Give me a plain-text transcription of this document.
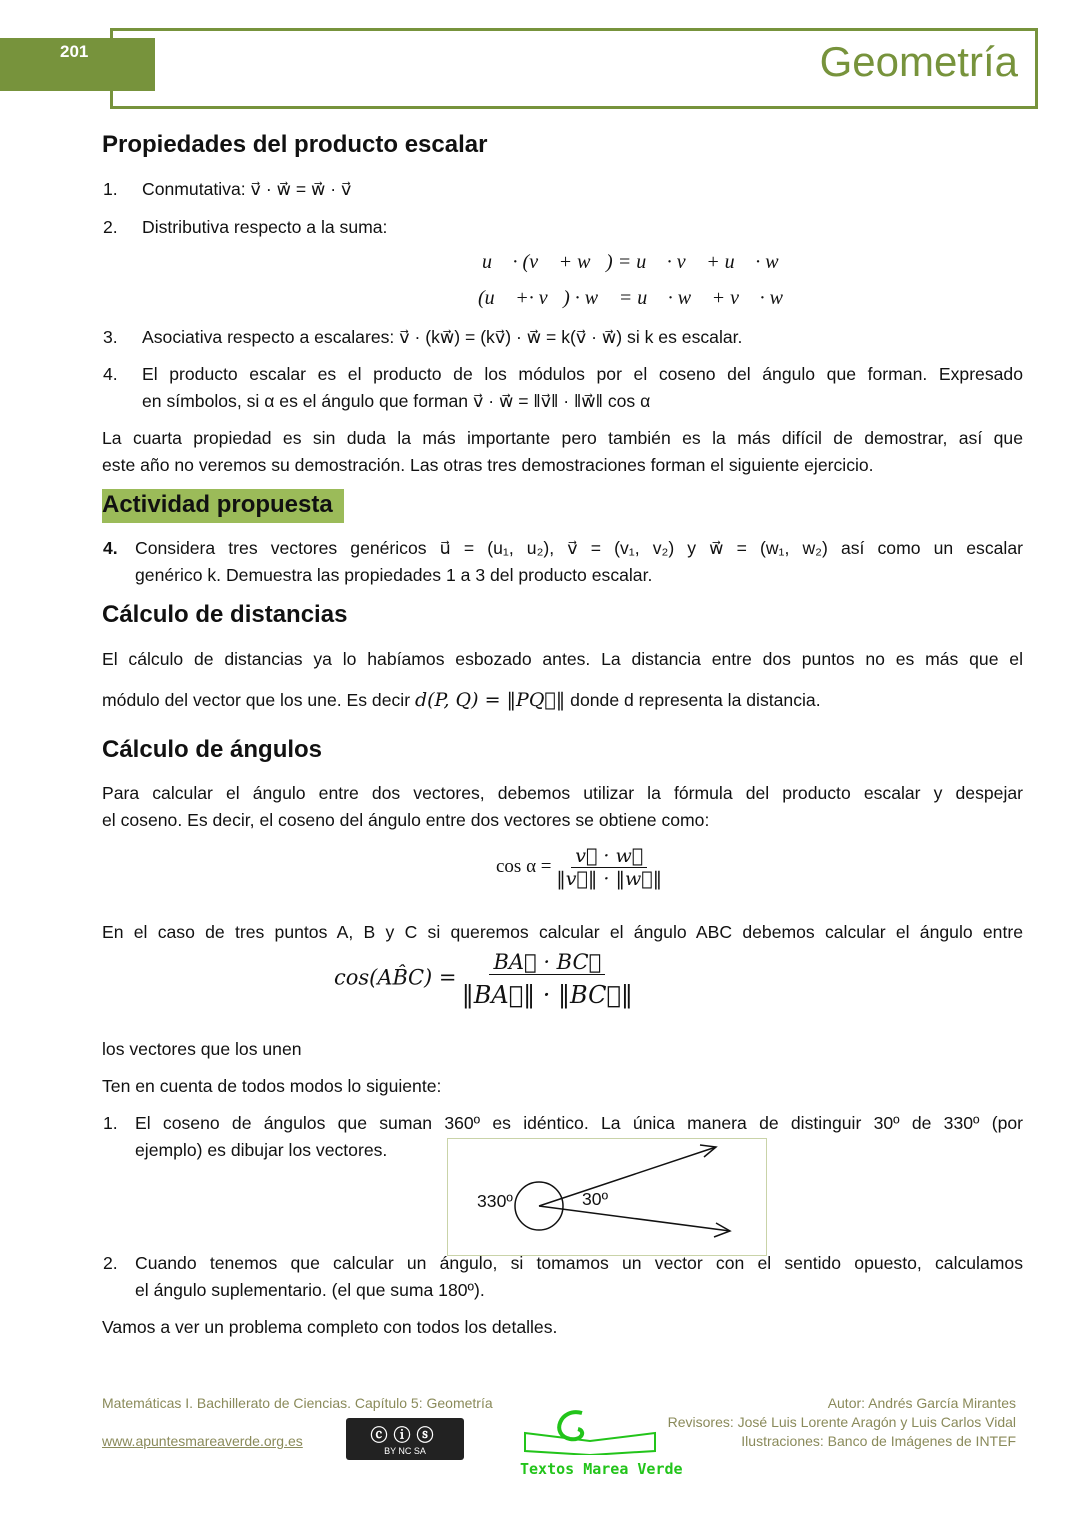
201	Geometría
Propiedades del producto escalar
1. Conmutativa: v⃗ · w⃗ = w⃗ · v⃗
2. Distributiva respecto a la suma:
u⃗ · (v⃗ + w⃗) = u⃗ · v⃗ + u⃗ · w⃗
(u⃗ +· v⃗) · w⃗ = u⃗ · w⃗ + v⃗ · w⃗
3. Asociativa respecto a escalares: v⃗ · (kw⃗) = (kv⃗) · w⃗ = k(v⃗ · w⃗) si k es escalar.
4. El producto escalar es el producto de los módulos por el coseno del ángulo que forman. Expresado
en símbolos, si α es el ángulo que forman v⃗ · w⃗ = ‖v⃗‖ · ‖w⃗‖ cos α
La cuarta propiedad es sin duda la más importante pero también es la más difícil de demostrar, así que
este año no veremos su demostración. Las otras tres demostraciones forman el siguiente ejercicio.
Actividad propuesta
4. Considera tres vectores genéricos u⃗ = (u₁, u₂), v⃗ = (v₁, v₂) y w⃗ = (w₁, w₂) así como un escalar
genérico k. Demuestra las propiedades 1 a 3 del producto escalar.
Cálculo de distancias
El cálculo de distancias ya lo habíamos esbozado antes. La distancia entre dos puntos no es más que el
módulo del vector que los une. Es decir d(P, Q) = ‖PQ⃗‖ donde d representa la distancia.
Cálculo de ángulos
Para calcular el ángulo entre dos vectores, debemos utilizar la fórmula del producto escalar y despejar
el coseno. Es decir, el coseno del ángulo entre dos vectores se obtiene como:
$\cos \alpha = \frac{v⃗ \cdot w⃗}{‖v⃗‖ \cdot ‖w⃗‖}$
En el caso de tres puntos A, B y C si queremos calcular el ángulo ABC debemos calcular el ángulo entre
cos(AB̂C) = $\frac{BA⃗ \cdot BC⃗}{‖BA⃗‖ \cdot ‖BC⃗‖}$
los vectores que los unen
Ten en cuenta de todos modos lo siguiente:
1. El coseno de ángulos que suman 360º es idéntico. La única manera de distinguir 30º de 330º (por
ejemplo) es dibujar los vectores.
330º	30º
2. Cuando tenemos que calcular un ángulo, si tomamos un vector con el sentido opuesto, calculamos
el ángulo suplementario. (el que suma 180º).
Vamos a ver un problema completo con todos los detalles.
Matemáticas I. Bachillerato de Ciencias. Capítulo 5: Geometría
www.apuntesmareaverde.org.es	ⓒⓘⓢ
BY NC SA
Textos Marea Verde
Autor: Andrés García Mirantes
Revisores: José Luis Lorente Aragón y Luis Carlos Vidal
Ilustraciones: Banco de Imágenes de INTEF
